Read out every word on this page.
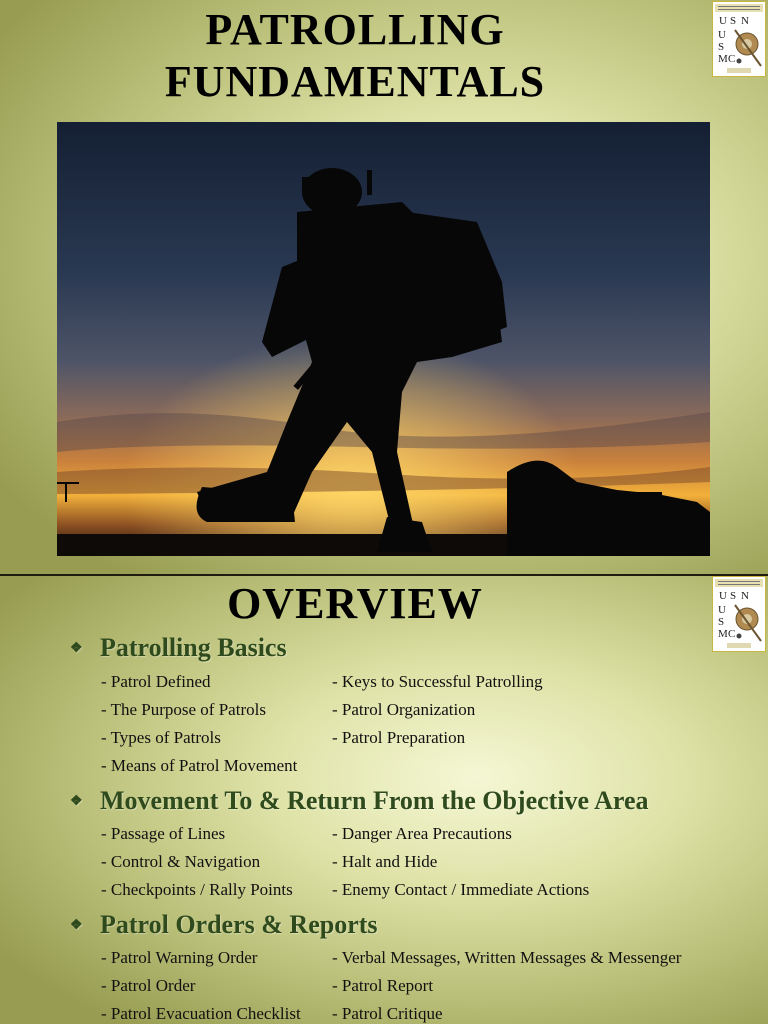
PATROLLING
FUNDAMENTALS
U S N
U
S
M C
OVERVIEW	U S N
U
S
M C
❖ Patrolling Basics
- Patrol Defined	- Keys to Successful Patrolling
- The Purpose of Patrols	- Patrol Organization
- Types of Patrols	- Patrol Preparation
- Means of Patrol Movement
❖ Movement To & Return From the Objective Area
- Passage of Lines	- Danger Area Precautions
- Control & Navigation	- Halt and Hide
- Checkpoints / Rally Points	- Enemy Contact / Immediate Actions
❖ Patrol Orders & Reports
- Patrol Warning Order	- Verbal Messages, Written Messages & Messenger
- Patrol Order	- Patrol Report
- Patrol Evacuation Checklist	- Patrol Critique
